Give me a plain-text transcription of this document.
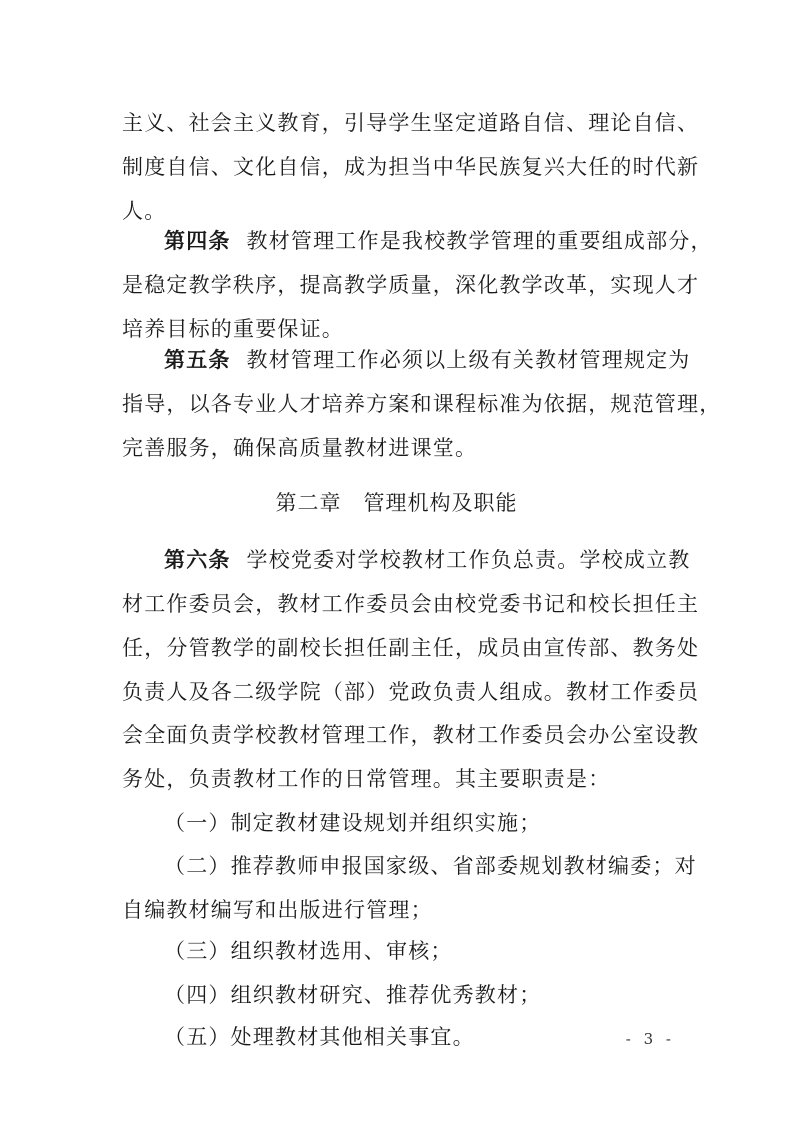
主义、社会主义教育，引导学生坚定道路自信、理论自信、
制度自信、文化自信，成为担当中华民族复兴大任的时代新
人。
第四条 教材管理工作是我校教学管理的重要组成部分，
是稳定教学秩序，提高教学质量，深化教学改革，实现人才
培养目标的重要保证。
第五条 教材管理工作必须以上级有关教材管理规定为
指导，以各专业人才培养方案和课程标准为依据，规范管理，
完善服务，确保高质量教材进课堂。
第二章 管理机构及职能
第六条 学校党委对学校教材工作负总责。学校成立教
材工作委员会，教材工作委员会由校党委书记和校长担任主
任，分管教学的副校长担任副主任，成员由宣传部、教务处
负责人及各二级学院（部）党政负责人组成。教材工作委员
会全面负责学校教材管理工作，教材工作委员会办公室设教
务处，负责教材工作的日常管理。其主要职责是：
（一）制定教材建设规划并组织实施；
（二）推荐教师申报国家级、省部委规划教材编委；对
自编教材编写和出版进行管理；
（三）组织教材选用、审核；
（四）组织教材研究、推荐优秀教材；
（五）处理教材其他相关事宜。	- 3 -
